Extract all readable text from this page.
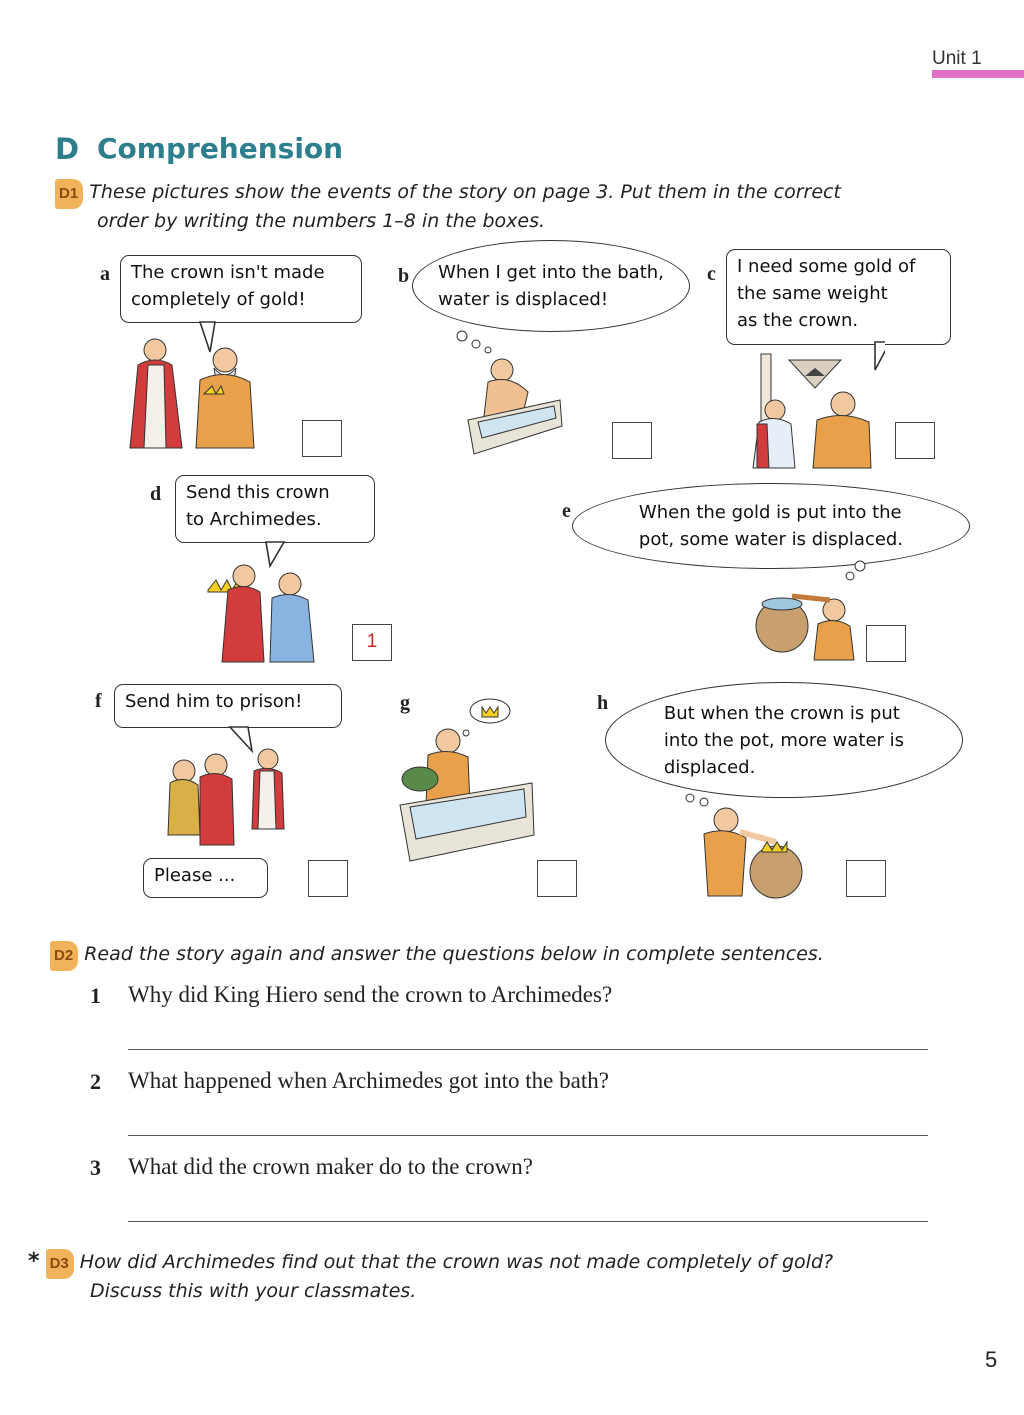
Unit 1
D Comprehension
D1 These pictures show the events of the story on page 3. Put them in the correct
order by writing the numbers 1–8 in the boxes.
a The crown isn't made
completely of gold!
b When I get into the bath,
water is displaced!
c I need some gold of
the same weight
as the crown.
d Send this crown
to Archimedes.
1
e	When the gold is put into the
pot, some water is displaced.
f Send him to prison!
Please ...
g	h	But when the crown is put
into the pot, more water is
displaced.
D2 Read the story again and answer the questions below in complete sentences.
1 Why did King Hiero send the crown to Archimedes?
2 What happened when Archimedes got into the bath?
3 What did the crown maker do to the crown?
* D3 How did Archimedes find out that the crown was not made completely of gold?
Discuss this with your classmates.
5
